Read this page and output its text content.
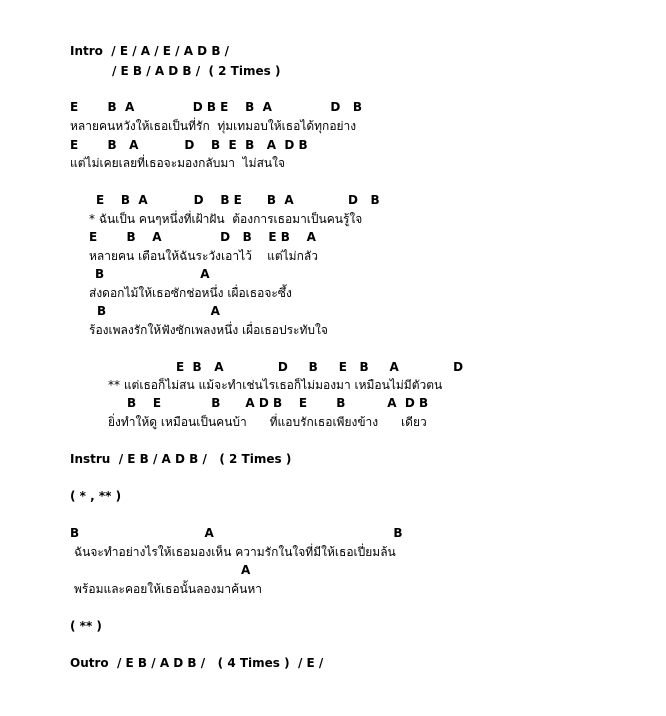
Intro  / E / A / E / A D B /
/ E B / A D B /  ( 2 Times )
E       B  A              D B E    B  A              D   B
หลายคนหวังให้เธอเป็นที่รัก  ทุ่มเทมอบให้เธอได้ทุกอย่าง
E       B   A           D    B  E  B   A  D B
แต่ไม่เคยเลยที่เธอจะมองกลับมา  ไม่สนใจ
E    B  A           D    B E      B  A             D   B
* ฉันเป็น คนๆหนึ่งที่เฝ้าฝัน  ต้องการเธอมาเป็นคนรู้ใจ
E       B    A              D   B    E B    A
หลายคน เตือนให้ฉันระวังเอาไว้    แต่ไม่กลัว
B                       A
ส่งดอกไม้ให้เธอซักช่อหนึ่ง เผื่อเธอจะซึ้ง
B                         A
ร้องเพลงรักให้ฟังซักเพลงหนึ่ง เผื่อเธอประทับใจ
E  B   A             D     B     E   B     A             D
** แต่เธอก็ไม่สน แม้จะทำเช่นไรเธอก็ไม่มองมา เหมือนไม่มีตัวตน
B    E            B      A D B    E       B          A  D B
ยิ่งทำให้ดู เหมือนเป็นคนบ้า      ที่แอบรักเธอเพียงข้าง      เดียว
Instru  / E B / A D B /   ( 2 Times )
( * , ** )
B                              A                                           B
ฉันจะทำอย่างไรให้เธอมองเห็น ความรักในใจที่มีให้เธอเปี่ยมล้น
A
พร้อมและคอยให้เธอนั้นลองมาค้นหา
( ** )
Outro  / E B / A D B /   ( 4 Times )  / E /
